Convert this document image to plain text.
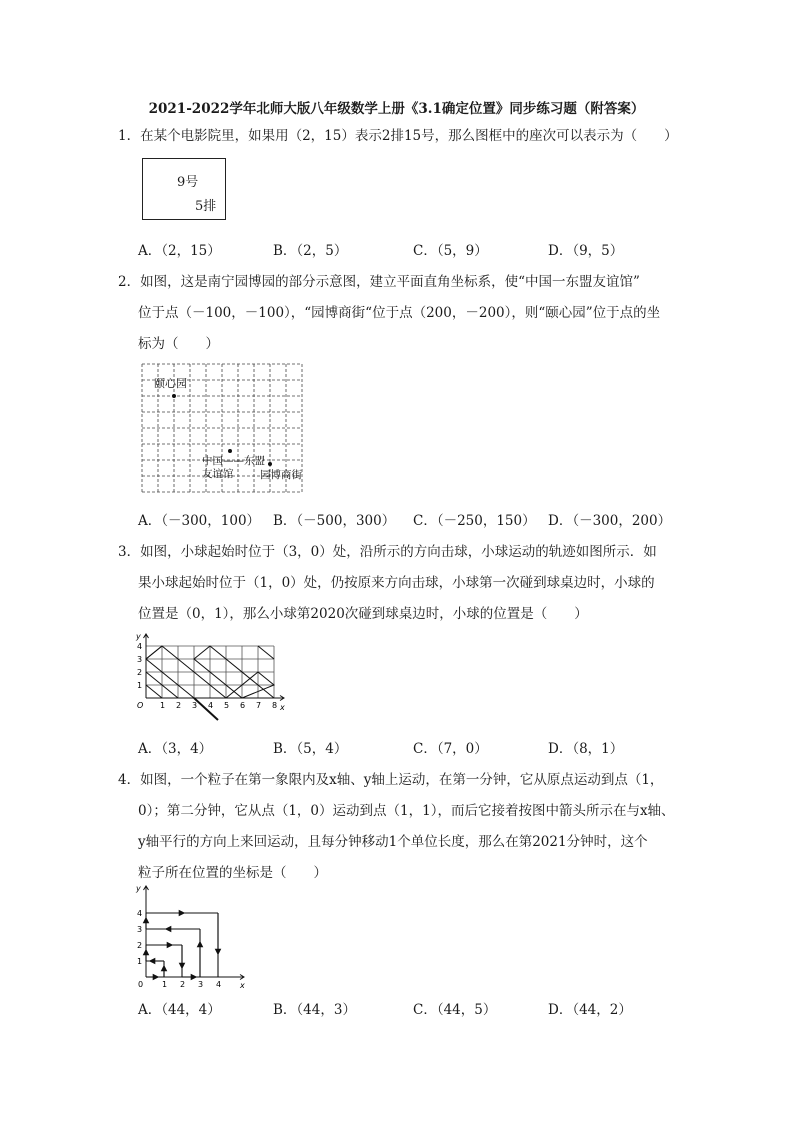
2021-2022学年北师大版八年级数学上册《3.1确定位置》同步练习题（附答案）
1．在某个电影院里，如果用（2，15）表示2排15号，那么图框中的座次可以表示为（　　）
9号
5排
A．（2，15）	B．（2，5）	C．（5，9）	D．（9，5）
2．如图，这是南宁园博园的部分示意图，建立平面直角坐标系，使“中国一东盟友谊馆”
位于点（－100，－100），“园博商街“位于点（200，－200），则“颐心园”位于点的坐
标为（　　）
颐心园
中国——东盟
友谊馆	园博商街
A．（－300，100） B．（－500，300） C．（－250，150） D．（－300，200）
3．如图，小球起始时位于（3，0）处，沿所示的方向击球，小球运动的轨迹如图所示．如
果小球起始时位于（1，0）处，仍按原来方向击球，小球第一次碰到球桌边时，小球的
位置是（0，1），那么小球第2020次碰到球桌边时，小球的位置是（　　）
y
x
O
1
2
3
4
1 2 3 4 5 6 7 8
A．（3，4）	B．（5，4）	C．（7，0）	D．（8，1）
4．如图，一个粒子在第一象限内及x轴、y轴上运动，在第一分钟，它从原点运动到点（1，
0）；第二分钟，它从点（1，0）运动到点（1，1），而后它接着按图中箭头所示在与x轴、
y轴平行的方向上来回运动，且每分钟移动1个单位长度，那么在第2021分钟时，这个
粒子所在位置的坐标是（　　）
y
x
0
1
2
3
4
1 2 3 4
A．（44，4）	B．（44，3）	C．（44，5）	D．（44，2）
